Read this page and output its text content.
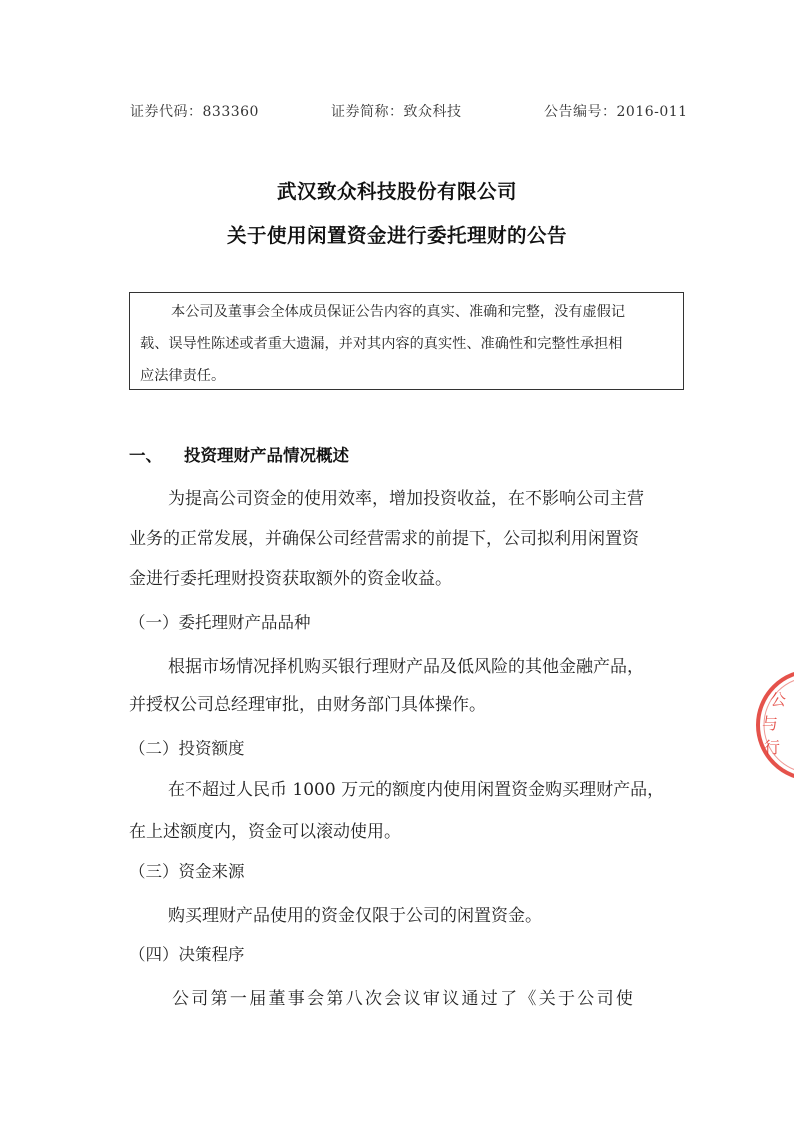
证券代码：833360	证券简称：致众科技	公告编号：2016-011
武汉致众科技股份有限公司
关于使用闲置资金进行委托理财的公告
本公司及董事会全体成员保证公告内容的真实、准确和完整，没有虚假记
载、误导性陈述或者重大遗漏，并对其内容的真实性、准确性和完整性承担相
应法律责任。
一、 投资理财产品情况概述
为提高公司资金的使用效率，增加投资收益，在不影响公司主营
业务的正常发展，并确保公司经营需求的前提下，公司拟利用闲置资
金进行委托理财投资获取额外的资金收益。
（一）委托理财产品品种
根据市场情况择机购买银行理财产品及低风险的其他金融产品，
并授权公司总经理审批，由财务部门具体操作。
（二）投资额度
在不超过人民币 1000 万元的额度内使用闲置资金购买理财产品，
在上述额度内，资金可以滚动使用。
（三）资金来源
购买理财产品使用的资金仅限于公司的闲置资金。
（四）决策程序
公司第一届董事会第八次会议审议通过了《关于公司使
公
与
行
